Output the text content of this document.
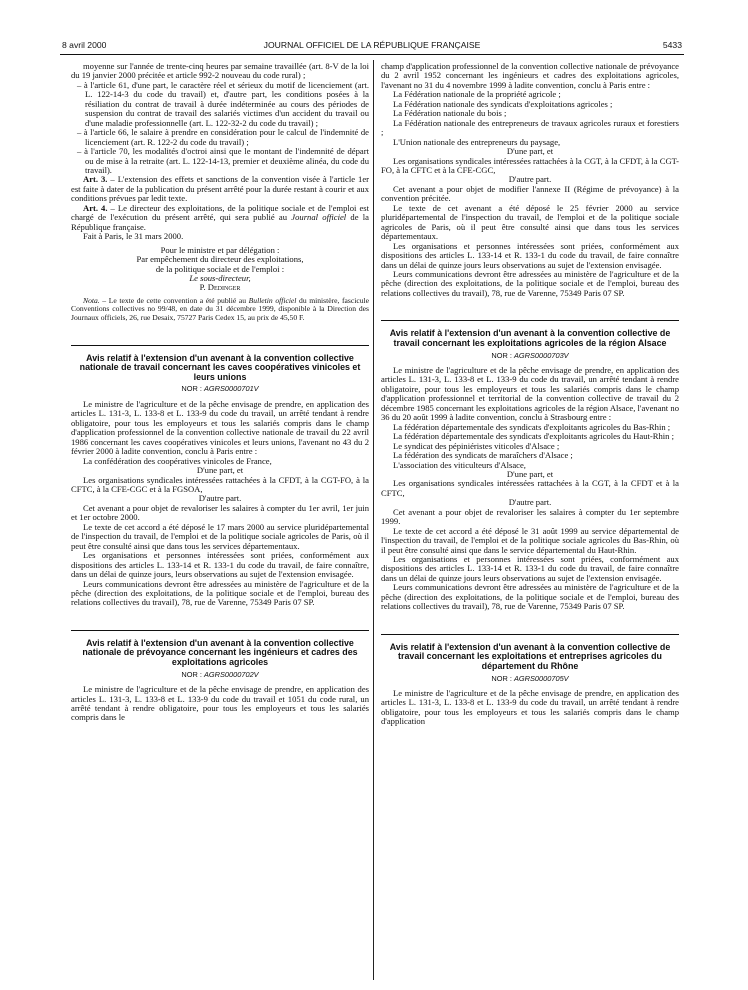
8 avril 2000	JOURNAL OFFICIEL DE LA RÉPUBLIQUE FRANÇAISE	5433

moyenne sur l'année de trente-cinq heures par semaine travaillée (art. 8-V de la loi du 19 janvier 2000 précitée et article 992-2 nouveau du code rural) ;

– à l'article 61, d'une part, le caractère réel et sérieux du motif de licenciement (art. L. 122-14-3 du code du travail) et, d'autre part, les conditions posées à la résiliation du contrat de travail à durée indéterminée au cours des périodes de suspension du contrat de travail des salariés victimes d'un accident du travail ou d'une maladie professionnelle (art. L. 122-32-2 du code du travail) ;

– à l'article 66, le salaire à prendre en considération pour le calcul de l'indemnité de licenciement (art. R. 122-2 du code du travail) ;

– à l'article 70, les modalités d'octroi ainsi que le montant de l'indemnité de départ ou de mise à la retraite (art. L. 122-14-13, premier et deuxième alinéa, du code du travail).

Art. 3. – L'extension des effets et sanctions de la convention visée à l'article 1er est faite à dater de la publication du présent arrêté pour la durée restant à courir et aux conditions prévues par ledit texte.

Art. 4. – Le directeur des exploitations, de la politique sociale et de l'emploi est chargé de l'exécution du présent arrêté, qui sera publié au Journal officiel de la République française.

Fait à Paris, le 31 mars 2000.

Pour le ministre et par délégation :

Par empêchement du directeur des exploitations,

de la politique sociale et de l'emploi :

Le sous-directeur,

P. Dedinger

Nota. – Le texte de cette convention a été publié au Bulletin officiel du ministère, fascicule Conventions collectives no 99/48, en date du 31 décembre 1999, disponible à la Direction des Journaux officiels, 26, rue Desaix, 75727 Paris Cedex 15, au prix de 45,50 F.

Avis relatif à l'extension d'un avenant à la convention collective nationale de travail concernant les caves coopératives vinicoles et leurs unions

NOR : AGRS0000701V

Le ministre de l'agriculture et de la pêche envisage de prendre, en application des articles L. 131-3, L. 133-8 et L. 133-9 du code du travail, un arrêté tendant à rendre obligatoire, pour tous les employeurs et tous les salariés compris dans le champ d'application professionnel de la convention collective nationale de travail du 22 avril 1986 concernant les caves coopératives vinicoles et leurs unions, l'avenant no 43 du 2 février 2000 à ladite convention, conclu à Paris entre :

La confédération des coopératives vinicoles de France,

D'une part, et

Les organisations syndicales intéressées rattachées à la CFDT, à la CGT-FO, à la CFTC, à la CFE-CGC et à la FGSOA,

D'autre part.

Cet avenant a pour objet de revaloriser les salaires à compter du 1er avril, 1er juin et 1er octobre 2000.

Le texte de cet accord a été déposé le 17 mars 2000 au service pluridépartemental de l'inspection du travail, de l'emploi et de la politique sociale agricoles de Paris, où il peut être consulté ainsi que dans tous les services départementaux.

Les organisations et personnes intéressées sont priées, conformément aux dispositions des articles L. 133-14 et R. 133-1 du code du travail, de faire connaître, dans un délai de quinze jours, leurs observations au sujet de l'extension envisagée.

Leurs communications devront être adressées au ministère de l'agriculture et de la pêche (direction des exploitations, de la politique sociale et de l'emploi, bureau des relations collectives du travail), 78, rue de Varenne, 75349 Paris 07 SP.

Avis relatif à l'extension d'un avenant à la convention collective nationale de prévoyance concernant les ingénieurs et cadres des exploitations agricoles

NOR : AGRS0000702V

Le ministre de l'agriculture et de la pêche envisage de prendre, en application des articles L. 131-3, L. 133-8 et L. 133-9 du code du travail et 1051 du code rural, un arrêté tendant à rendre obligatoire, pour tous les employeurs et tous les salariés compris dans le

champ d'application professionnel de la convention collective nationale de prévoyance du 2 avril 1952 concernant les ingénieurs et cadres des exploitations agricoles, l'avenant no 31 du 4 novembre 1999 à ladite convention, conclu à Paris entre :

La Fédération nationale de la propriété agricole ;

La Fédération nationale des syndicats d'exploitations agricoles ;

La Fédération nationale du bois ;

La Fédération nationale des entrepreneurs de travaux agricoles ruraux et forestiers ;

L'Union nationale des entrepreneurs du paysage,

D'une part, et

Les organisations syndicales intéressées rattachées à la CGT, à la CFDT, à la CGT-FO, à la CFTC et à la CFE-CGC,

D'autre part.

Cet avenant a pour objet de modifier l'annexe II (Régime de prévoyance) à la convention précitée.

Le texte de cet avenant a été déposé le 25 février 2000 au service pluridépartemental de l'inspection du travail, de l'emploi et de la politique sociale agricoles de Paris, où il peut être consulté ainsi que dans tous les services départementaux.

Les organisations et personnes intéressées sont priées, conformément aux dispositions des articles L. 133-14 et R. 133-1 du code du travail, de faire connaître dans un délai de quinze jours leurs observations au sujet de l'extension envisagée.

Leurs communications devront être adressées au ministère de l'agriculture et de la pêche (direction des exploitations, de la politique sociale et de l'emploi, bureau des relations collectives du travail), 78, rue de Varenne, 75349 Paris 07 SP.

Avis relatif à l'extension d'un avenant à la convention collective de travail concernant les exploitations agricoles de la région Alsace

NOR : AGRS0000703V

Le ministre de l'agriculture et de la pêche envisage de prendre, en application des articles L. 131-3, L. 133-8 et L. 133-9 du code du travail, un arrêté tendant à rendre obligatoire, pour tous les employeurs et tous les salariés compris dans le champ d'application professionnel et territorial de la convention collective de travail du 2 décembre 1985 concernant les exploitations agricoles de la région Alsace, l'avenant no 36 du 20 août 1999 à ladite convention, conclu à Strasbourg entre :

La fédération départementale des syndicats d'exploitants agricoles du Bas-Rhin ;

La fédération départementale des syndicats d'exploitants agricoles du Haut-Rhin ;

Le syndicat des pépiniéristes viticoles d'Alsace ;

La fédération des syndicats de maraîchers d'Alsace ;

L'association des viticulteurs d'Alsace,

D'une part, et

Les organisations syndicales intéressées rattachées à la CGT, à la CFDT et à la CFTC,

D'autre part.

Cet avenant a pour objet de revaloriser les salaires à compter du 1er septembre 1999.

Le texte de cet accord a été déposé le 31 août 1999 au service départemental de l'inspection du travail, de l'emploi et de la politique sociale agricoles du Bas-Rhin, où il peut être consulté ainsi que dans le service départemental du Haut-Rhin.

Les organisations et personnes intéressées sont priées, conformément aux dispositions des articles L. 133-14 et R. 133-1 du code du travail, de faire connaître dans un délai de quinze jours leurs observations au sujet de l'extension envisagée.

Leurs communications devront être adressées au ministère de l'agriculture et de la pêche (direction des exploitations, de la politique sociale et de l'emploi, bureau des relations collectives du travail), 78, rue de Varenne, 75349 Paris 07 SP.

Avis relatif à l'extension d'un avenant à la convention collective de travail concernant les exploitations et entreprises agricoles du département du Rhône

NOR : AGRS0000705V

Le ministre de l'agriculture et de la pêche envisage de prendre, en application des articles L. 131-3, L. 133-8 et L. 133-9 du code du travail, un arrêté tendant à rendre obligatoire, pour tous les employeurs et tous les salariés compris dans le champ d'application
